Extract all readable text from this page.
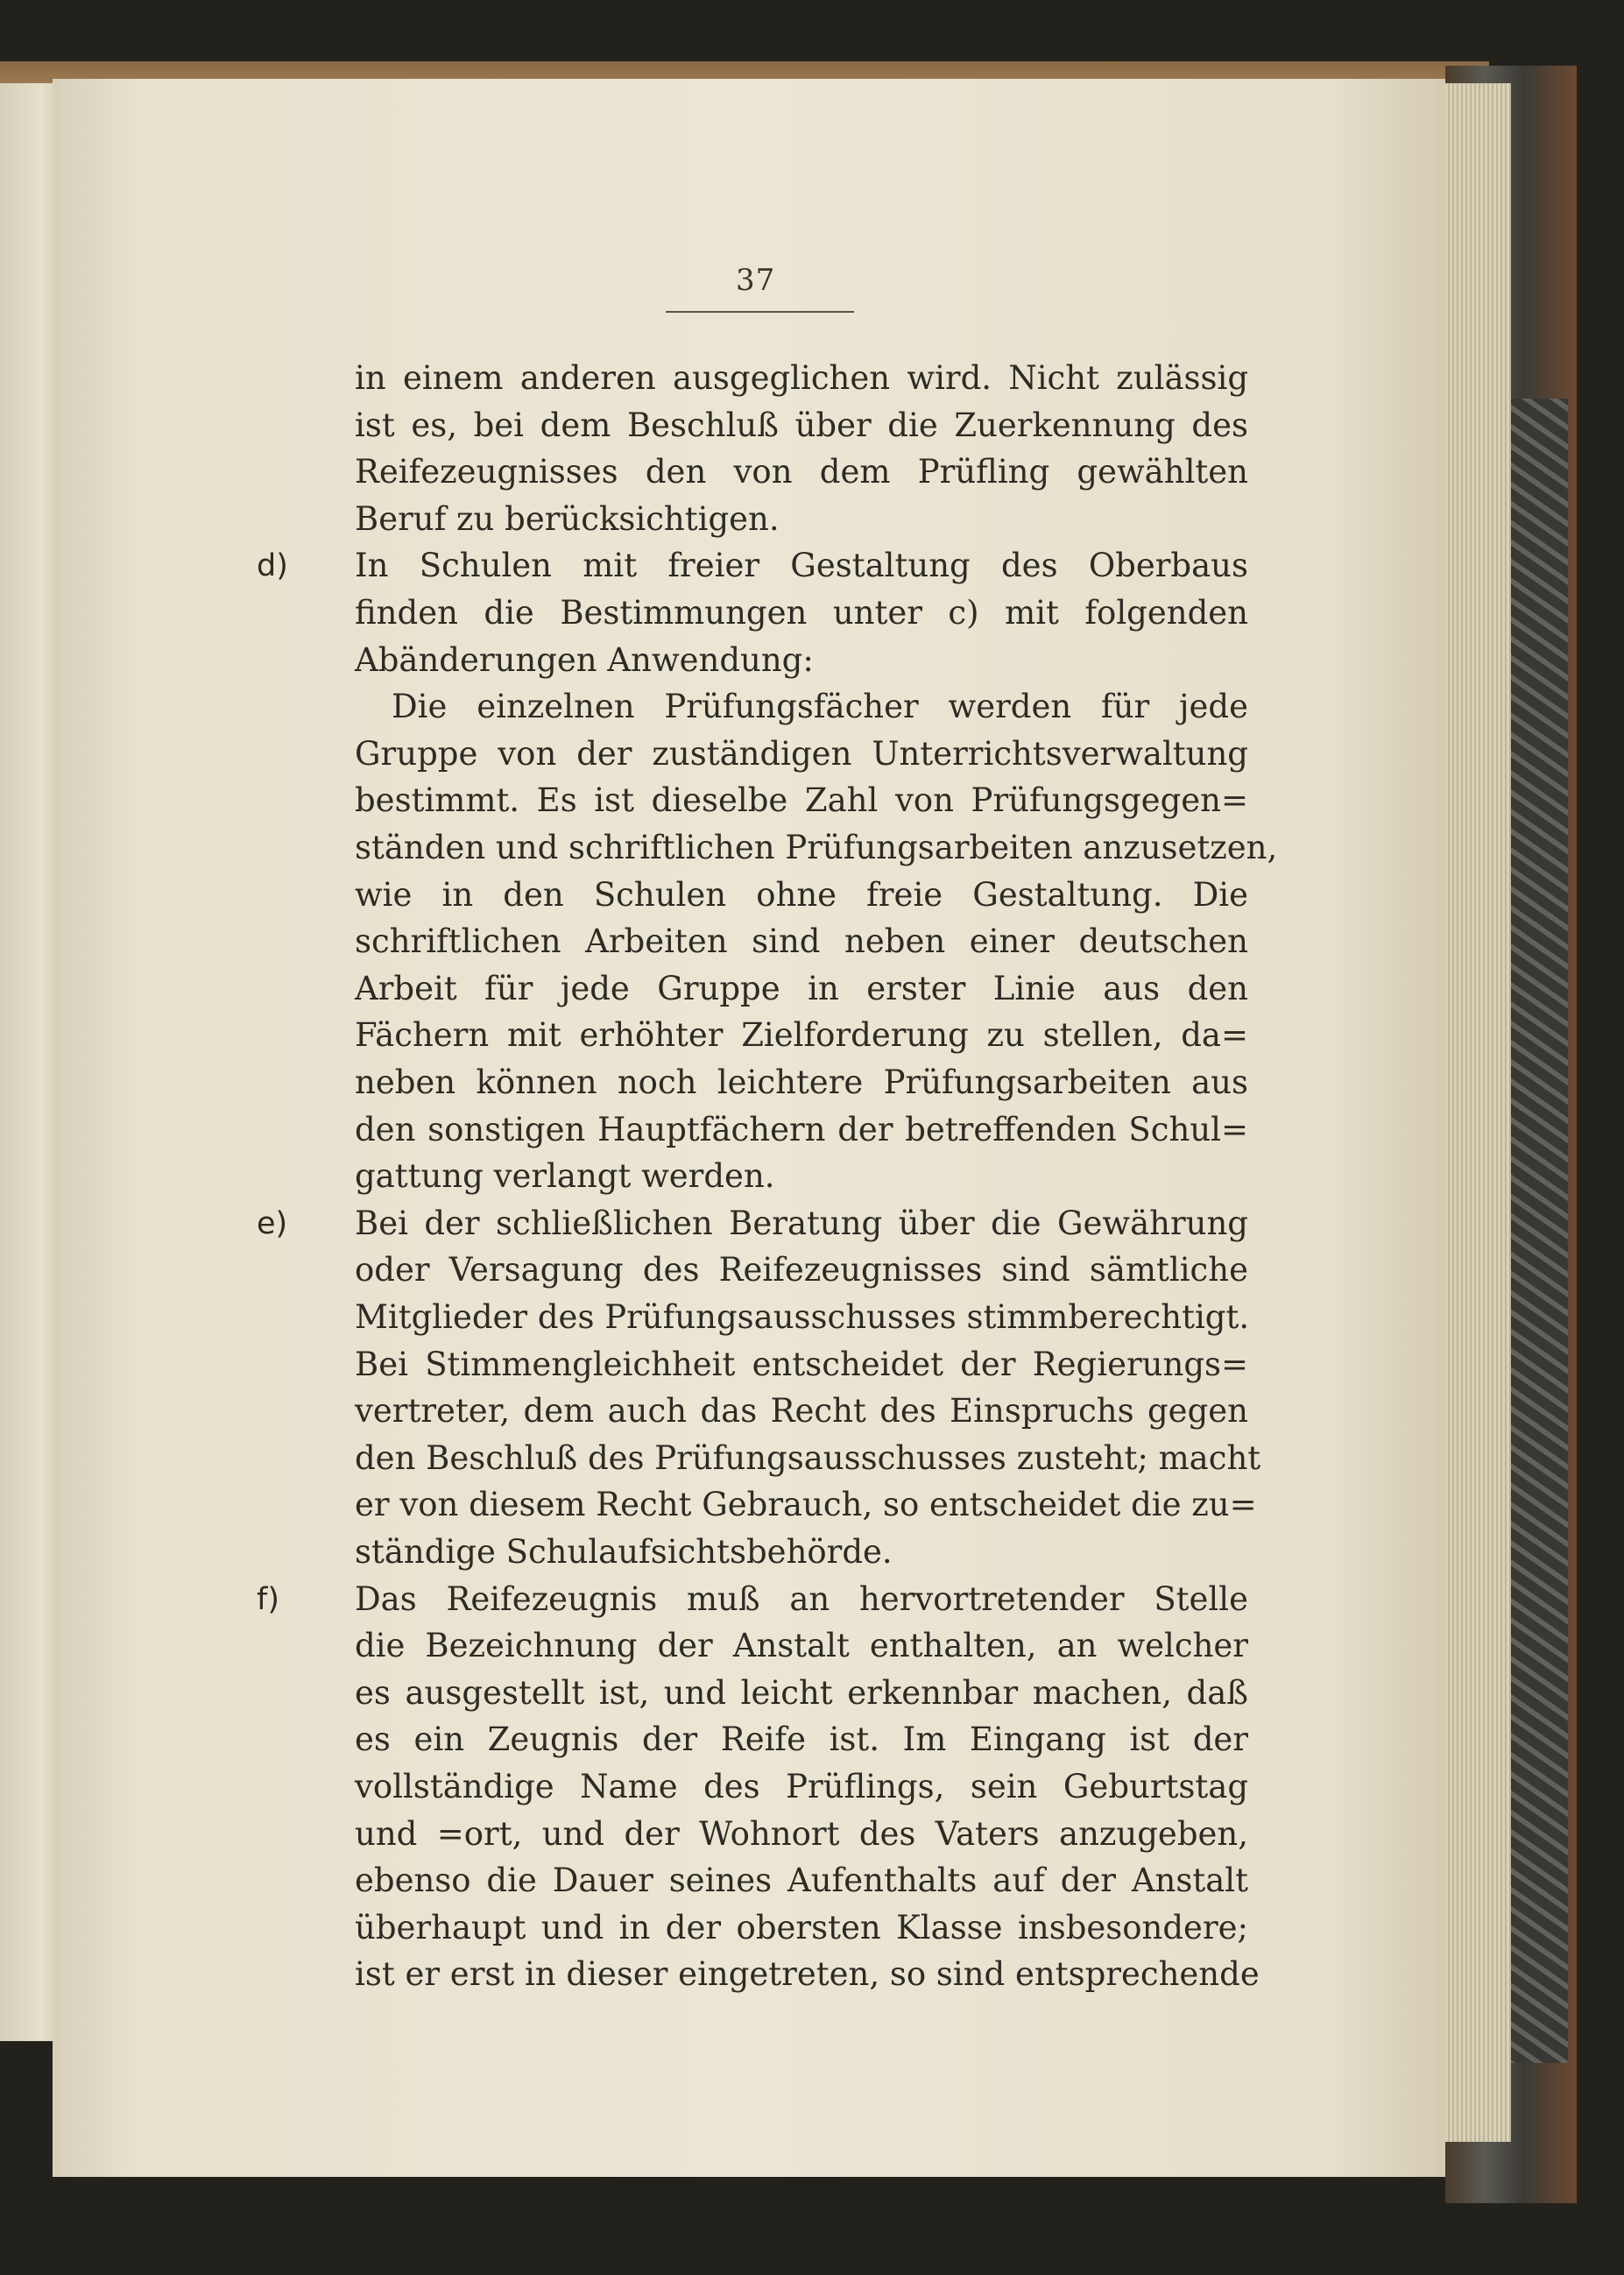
37
in einem anderen ausgeglichen wird. Nicht zulässig
ist es, bei dem Beschluß über die Zuerkennung des
Reifezeugnisses den von dem Prüfling gewählten
Beruf zu berücksichtigen.
In Schulen mit freier Gestaltung des Oberbaus
d)
finden die Bestimmungen unter c) mit folgenden
Abänderungen Anwendung:
Die einzelnen Prüfungsfächer werden für jede
Gruppe von der zuständigen Unterrichtsverwaltung
bestimmt. Es ist dieselbe Zahl von Prüfungsgegen=
ständen und schriftlichen Prüfungsarbeiten anzusetzen,
wie in den Schulen ohne freie Gestaltung. Die
schriftlichen Arbeiten sind neben einer deutschen
Arbeit für jede Gruppe in erster Linie aus den
Fächern mit erhöhter Zielforderung zu stellen, da=
neben können noch leichtere Prüfungsarbeiten aus
den sonstigen Hauptfächern der betreffenden Schul=
gattung verlangt werden.
Bei der schließlichen Beratung über die Gewährung
e)
oder Versagung des Reifezeugnisses sind sämtliche
Mitglieder des Prüfungsausschusses stimmberechtigt.
Bei Stimmengleichheit entscheidet der Regierungs=
vertreter, dem auch das Recht des Einspruchs gegen
den Beschluß des Prüfungsausschusses zusteht; macht
er von diesem Recht Gebrauch, so entscheidet die zu=
ständige Schulaufsichtsbehörde.
Das Reifezeugnis muß an hervortretender Stelle
f)
die Bezeichnung der Anstalt enthalten, an welcher
es ausgestellt ist, und leicht erkennbar machen, daß
es ein Zeugnis der Reife ist. Im Eingang ist der
vollständige Name des Prüflings, sein Geburtstag
und =ort, und der Wohnort des Vaters anzugeben,
ebenso die Dauer seines Aufenthalts auf der Anstalt
überhaupt und in der obersten Klasse insbesondere;
ist er erst in dieser eingetreten, so sind entsprechende
